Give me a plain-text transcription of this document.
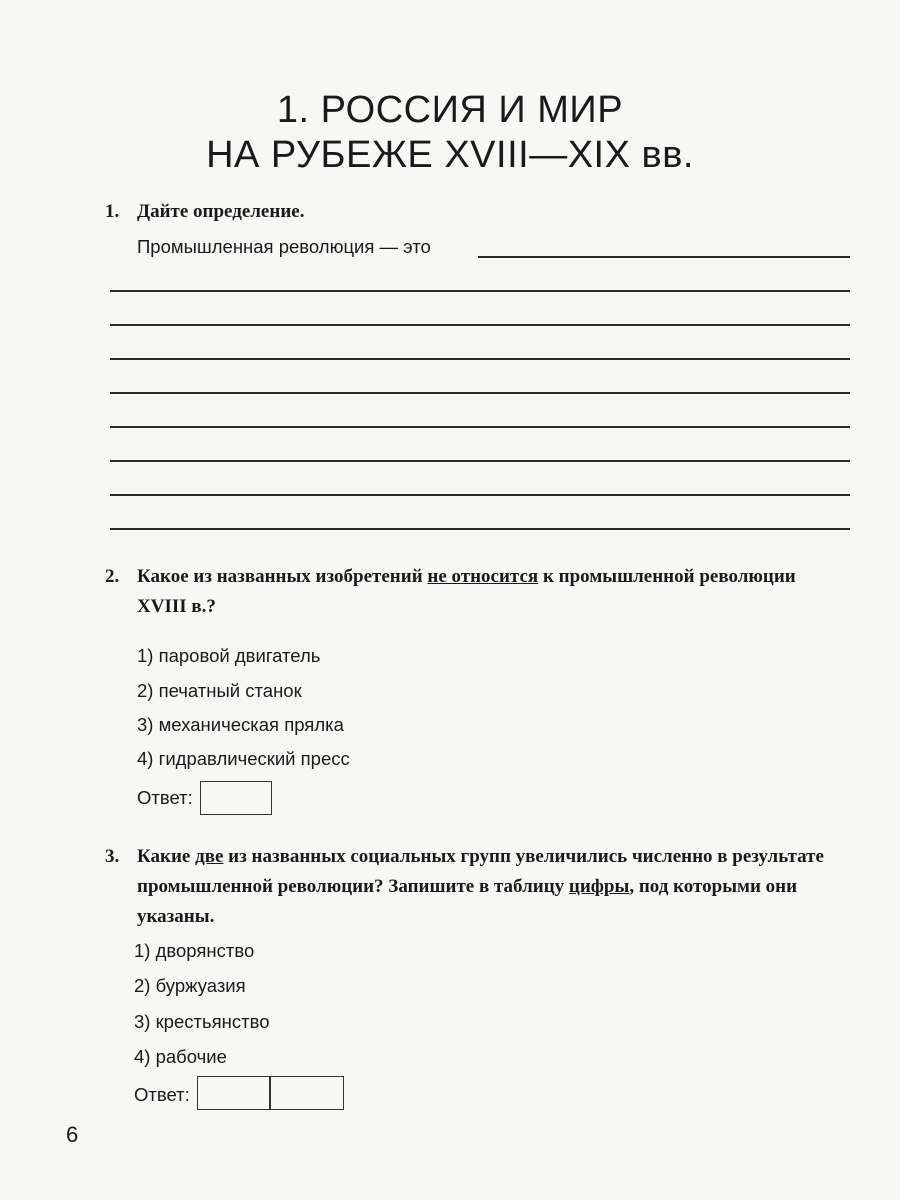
1. РОССИЯ И МИР
НА РУБЕЖЕ XVIII—XIX вв.
1. Дайте определение.
Промышленная революция — это
2. Какое из названных изобретений не относится к промышленной революции XVIII в.?
1) паровой двигатель
2) печатный станок
3) механическая прялка
4) гидравлический пресс
Ответ:
3. Какие две из названных социальных групп увеличились численно в результате промышленной революции? Запишите в таблицу цифры, под которыми они указаны.
1) дворянство
2) буржуазия
3) крестьянство
4) рабочие
Ответ:
6
